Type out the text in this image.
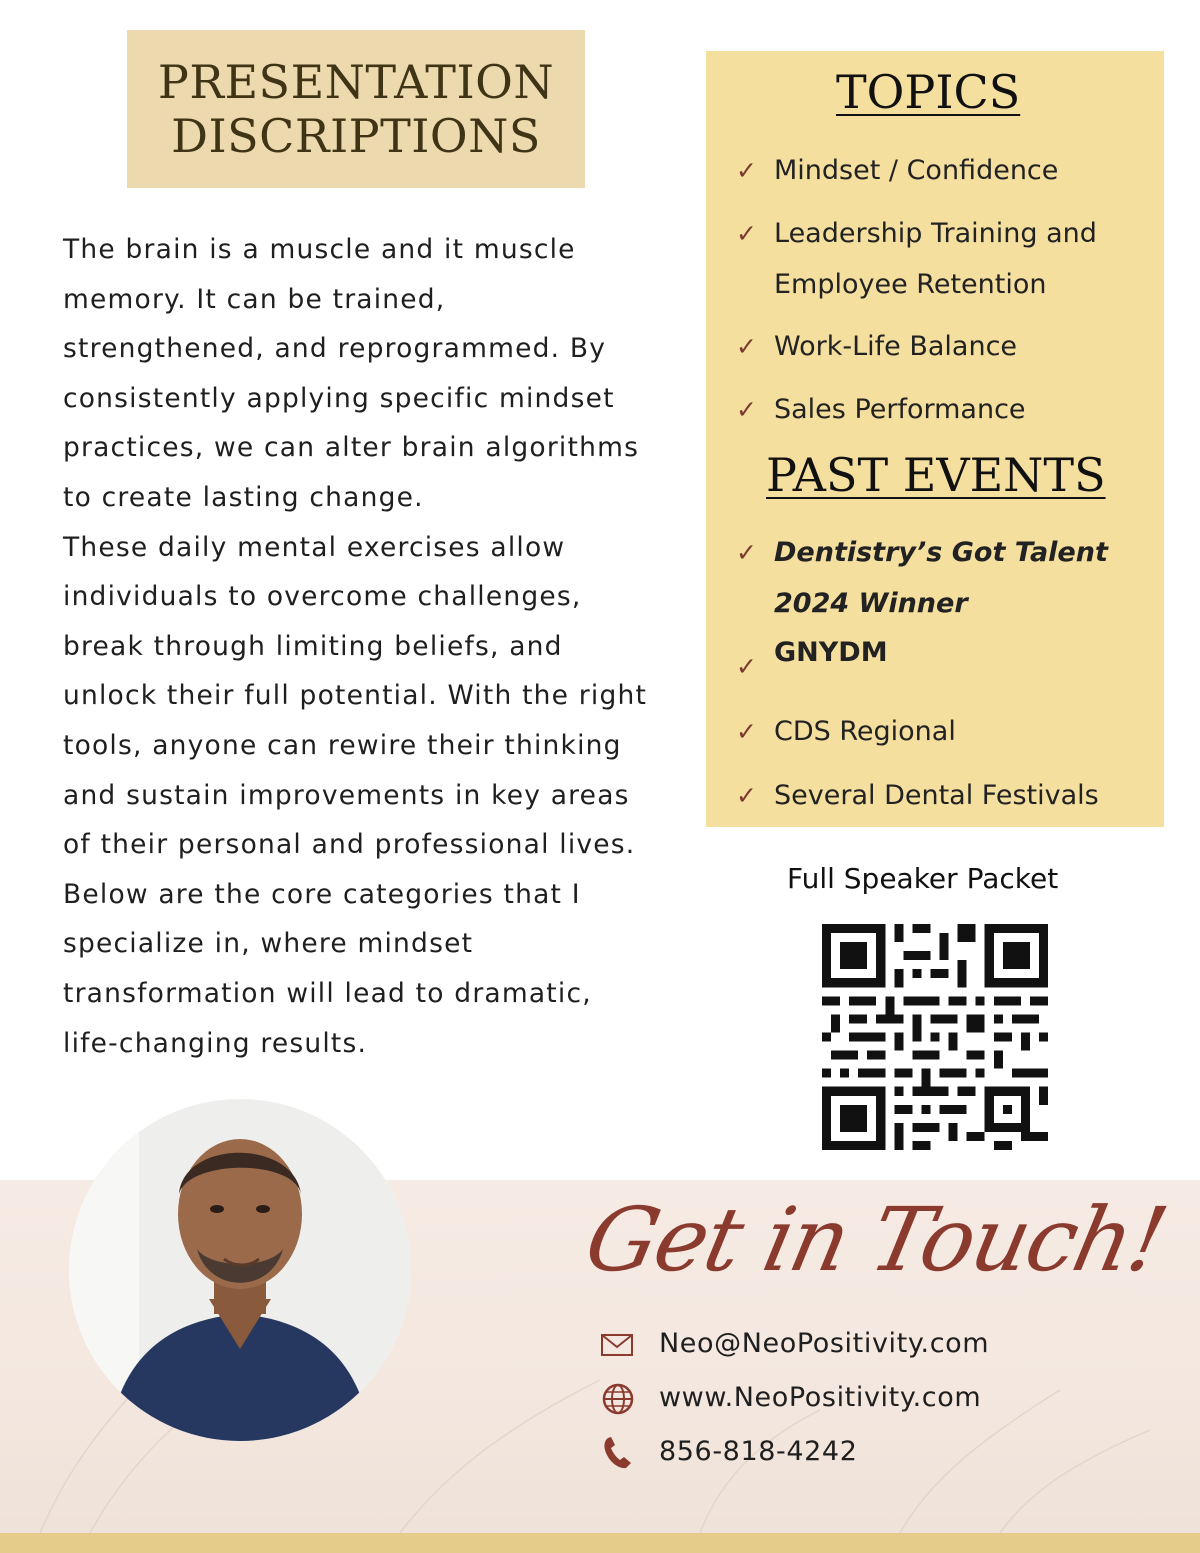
PRESENTATION
DISCRIPTIONS

The brain is a muscle and it muscle

memory. It can be trained,

strengthened, and reprogrammed. By

consistently applying specific mindset

practices, we can alter brain algorithms

to create lasting change.

These daily mental exercises allow

individuals to overcome challenges,

break through limiting beliefs, and

unlock their full potential. With the right

tools, anyone can rewire their thinking

and sustain improvements in key areas

of their personal and professional lives.

Below are the core categories that I

specialize in, where mindset

transformation will lead to dramatic,

life-changing results.

TOPICS
✓ Mindset / Confidence
✓ Leadership Training and
Employee Retention
✓ Work-Life Balance
✓ Sales Performance
PAST EVENTS
✓ Dentistry’s Got Talent
2024 Winner
✓ GNYDM
✓ CDS Regional
✓ Several Dental Festivals
Full Speaker Packet
Get in Touch!
Neo@NeoPositivity.com
www.NeoPositivity.com
856-818-4242
